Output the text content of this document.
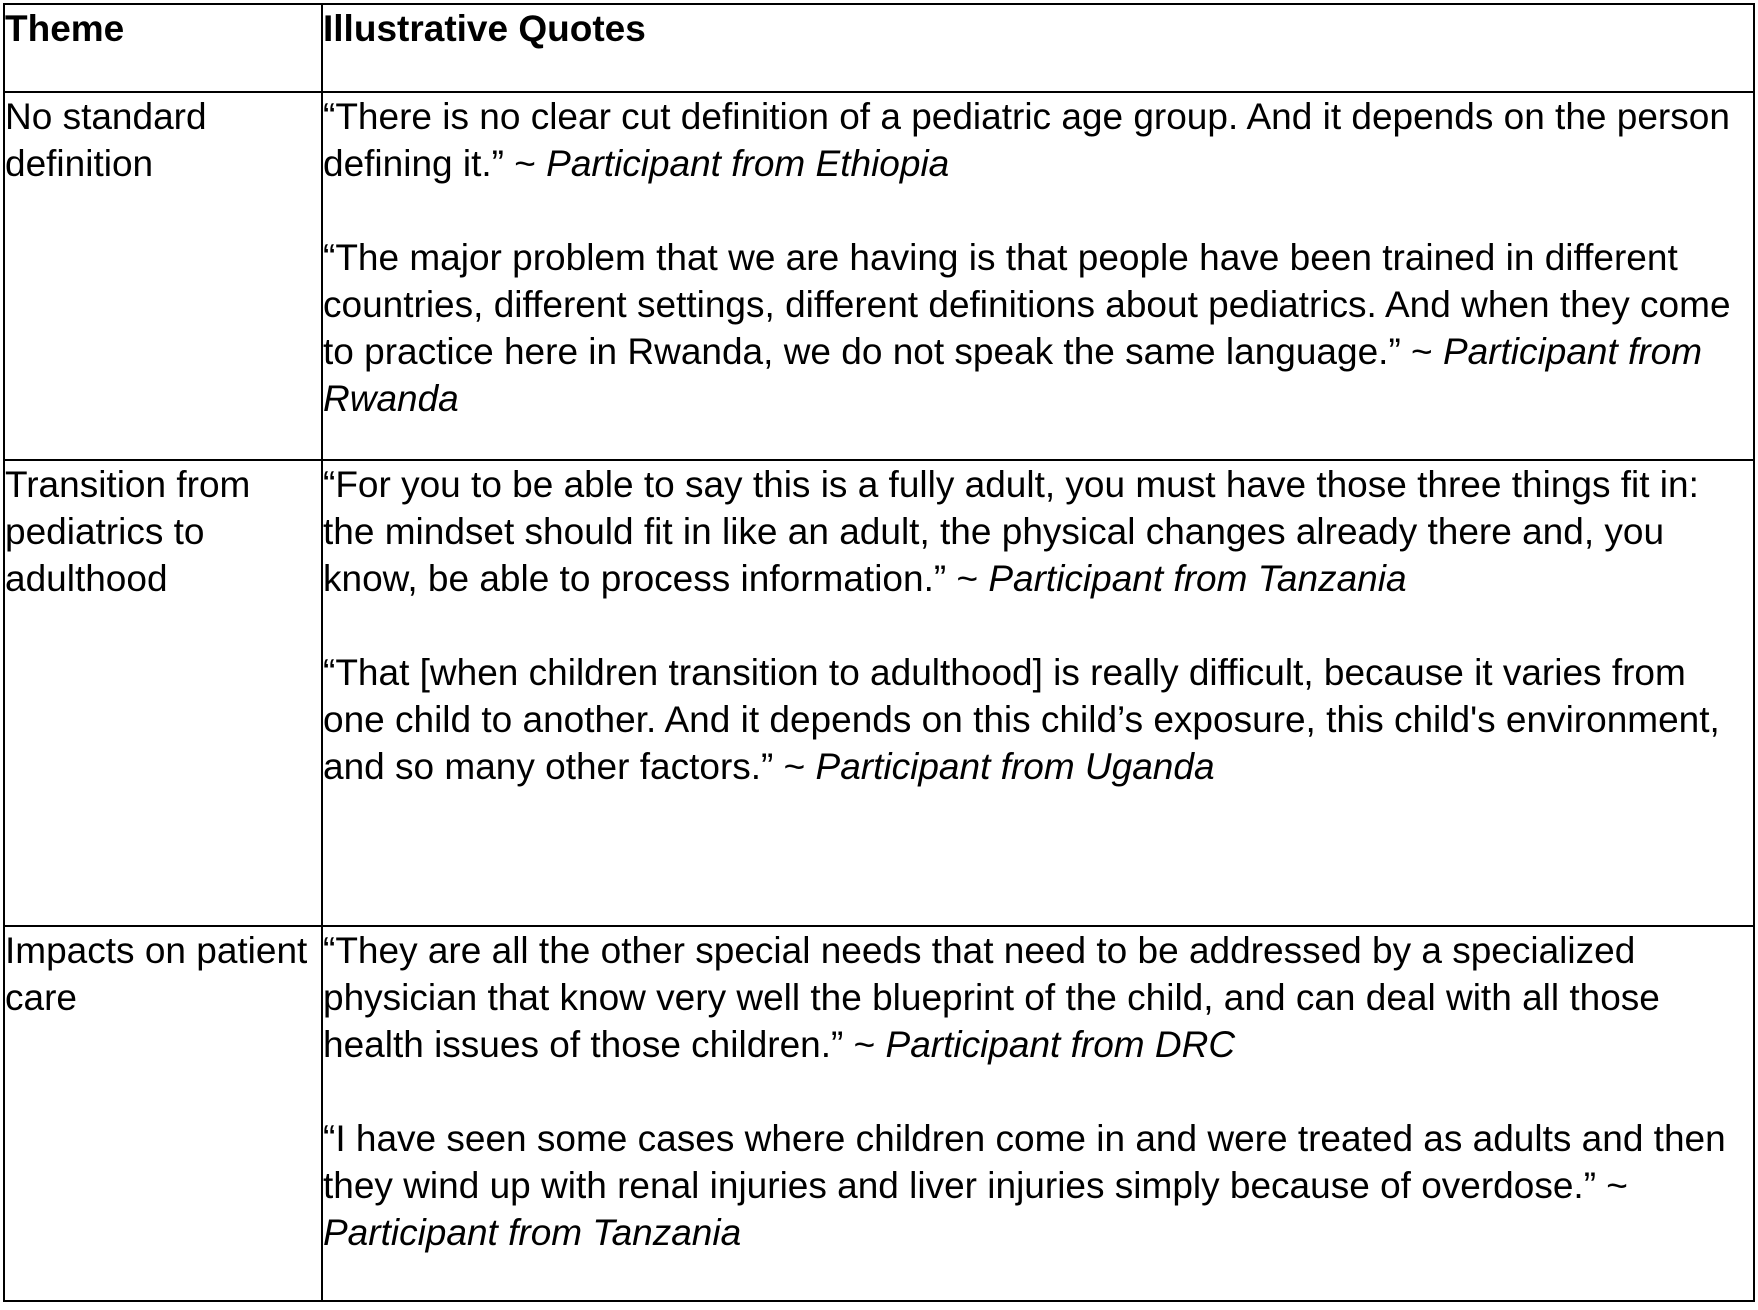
Theme	Illustrative Quotes
No standard definition	“There is no clear cut definition of a pediatric age group. And it depends on the person defining it.” ~ Participant from Ethiopia

“The major problem that we are having is that people have been trained in different countries, different settings, different definitions about pediatrics. And when they come to practice here in Rwanda, we do not speak the same language.” ~ Participant from Rwanda

Transition from pediatrics to adulthood	“For you to be able to say this is a fully adult, you must have those three things fit in: the mindset should fit in like an adult, the physical changes already there and, you know, be able to process information.” ~ Participant from Tanzania

“That [when children transition to adulthood] is really difficult, because it varies from one child to another. And it depends on this child’s exposure, this child's environment, and so many other factors.” ~ Participant from Uganda

Impacts on patient care	“They are all the other special needs that need to be addressed by a specialized physician that know very well the blueprint of the child, and can deal with all those health issues of those children.” ~ Participant from DRC

“I have seen some cases where children come in and were treated as adults and then they wind up with renal injuries and liver injuries simply because of overdose.” ~ Participant from Tanzania
